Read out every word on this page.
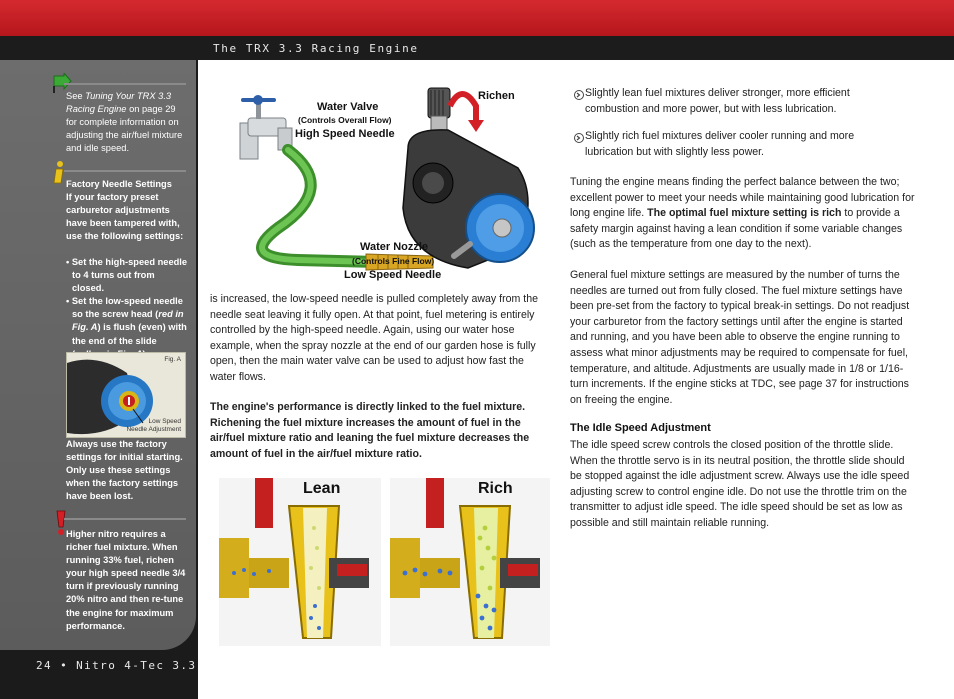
The TRX 3.3 Racing Engine
See Tuning Your TRX 3.3 Racing Engine on page 29 for complete information on adjusting the air/fuel mixture and idle speed.
Factory Needle Settings
If your factory preset carburetor adjustments have been tampered with, use the following settings:
• Set the high-speed needle to 4 turns out from closed.
• Set the low-speed needle so the screw head (red in Fig. A) is flush (even) with the end of the slide
Fig. A
Low Speed
Needle Adjustment
Always use the factory settings for initial starting. Only use these settings when the factory settings have been lost.
Higher nitro requires a richer fuel mixture. When running 33% fuel, richen your high speed needle 3/4 turn if previously running 20% nitro and then re-tune the engine for maximum performance.
24 • Nitro 4-Tec 3.3
Water Valve
(Controls Overall Flow)
High Speed Needle
Richen
Water Nozzle
(Controls Fine Flow)
Low Speed Needle
is increased, the low-speed needle is pulled completely away from the needle seat leaving it fully open. At that point, fuel metering is entirely controlled by the high-speed needle. Again, using our water hose example, when the spray nozzle at the end of our garden hose is fully open, then the main water valve can be used to adjust how fast the water flows.
The engine's performance is directly linked to the fuel mixture. Richening the fuel mixture increases the amount of fuel in the air/fuel mixture ratio and leaning the fuel mixture decreases the amount of fuel in the air/fuel mixture ratio.
Lean	Rich
Slightly lean fuel mixtures deliver stronger, more efficient combustion and more power, but with less lubrication.
Slightly rich fuel mixtures deliver cooler running and more lubrication but with slightly less power.
Tuning the engine means finding the perfect balance between the two; excellent power to meet your needs while maintaining good lubrication for long engine life. The optimal fuel mixture setting is rich to provide a safety margin against having a lean condition if some variable changes (such as the temperature from one day to the next).
General fuel mixture settings are measured by the number of turns the needles are turned out from fully closed. The fuel mixture settings have been pre-set from the factory to typical break-in settings. Do not readjust your carburetor from the factory settings until after the engine is started and running, and you have been able to observe the engine running to assess what minor adjustments may be required to compensate for fuel, temperature, and altitude. Adjustments are usually made in 1/8 or 1/16-turn increments. If the engine sticks at TDC, see page 37 for instructions on freeing the engine.
The Idle Speed Adjustment
The idle speed screw controls the closed position of the throttle slide. When the throttle servo is in its neutral position, the throttle slide should be stopped against the idle adjustment screw. Always use the idle speed adjusting screw to control engine idle. Do not use the throttle trim on the transmitter to adjust idle speed. The idle speed should be set as low as possible and still maintain reliable running.
